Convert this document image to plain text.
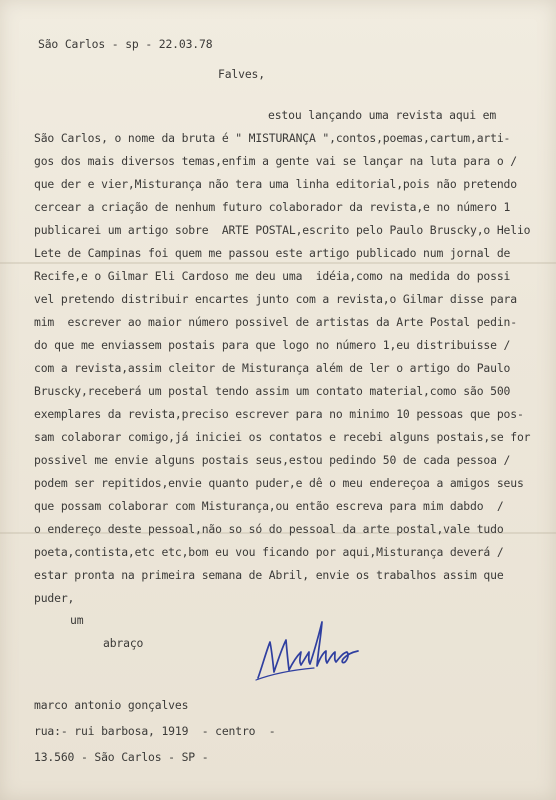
São Carlos - sp - 22.03.78
Falves,
estou lançando uma revista aqui em
São Carlos, o nome da bruta é " MISTURANÇA ",contos,poemas,cartum,arti-
gos dos mais diversos temas,enfim a gente vai se lançar na luta para o /
que der e vier,Misturança não tera uma linha editorial,pois não pretendo
cercear a criação de nenhum futuro colaborador da revista,e no número 1
publicarei um artigo sobre  ARTE POSTAL,escrito pelo Paulo Bruscky,o Helio
Lete de Campinas foi quem me passou este artigo publicado num jornal de
Recife,e o Gilmar Eli Cardoso me deu uma  idéia,como na medida do possi
vel pretendo distribuir encartes junto com a revista,o Gilmar disse para
mim  escrever ao maior número possivel de artistas da Arte Postal pedin-
do que me enviassem postais para que logo no número 1,eu distribuisse /
com a revista,assim cleitor de Misturança além de ler o artigo do Paulo
Bruscky,receberá um postal tendo assim um contato material,como são 500
exemplares da revista,preciso escrever para no minimo 10 pessoas que pos-
sam colaborar comigo,já iniciei os contatos e recebi alguns postais,se for
possivel me envie alguns postais seus,estou pedindo 50 de cada pessoa /
podem ser repitidos,envie quanto puder,e dê o meu endereçoa a amigos seus
que possam colaborar com Misturança,ou então escreva para mim dabdo  /
o endereço deste pessoal,não so só do pessoal da arte postal,vale tudo
poeta,contista,etc etc,bom eu vou ficando por aqui,Misturança deverá /
estar pronta na primeira semana de Abril, envie os trabalhos assim que
puder,
um
abraço
marco antonio gonçalves
rua:- rui barbosa, 1919  - centro  -
13.560 - São Carlos - SP -
